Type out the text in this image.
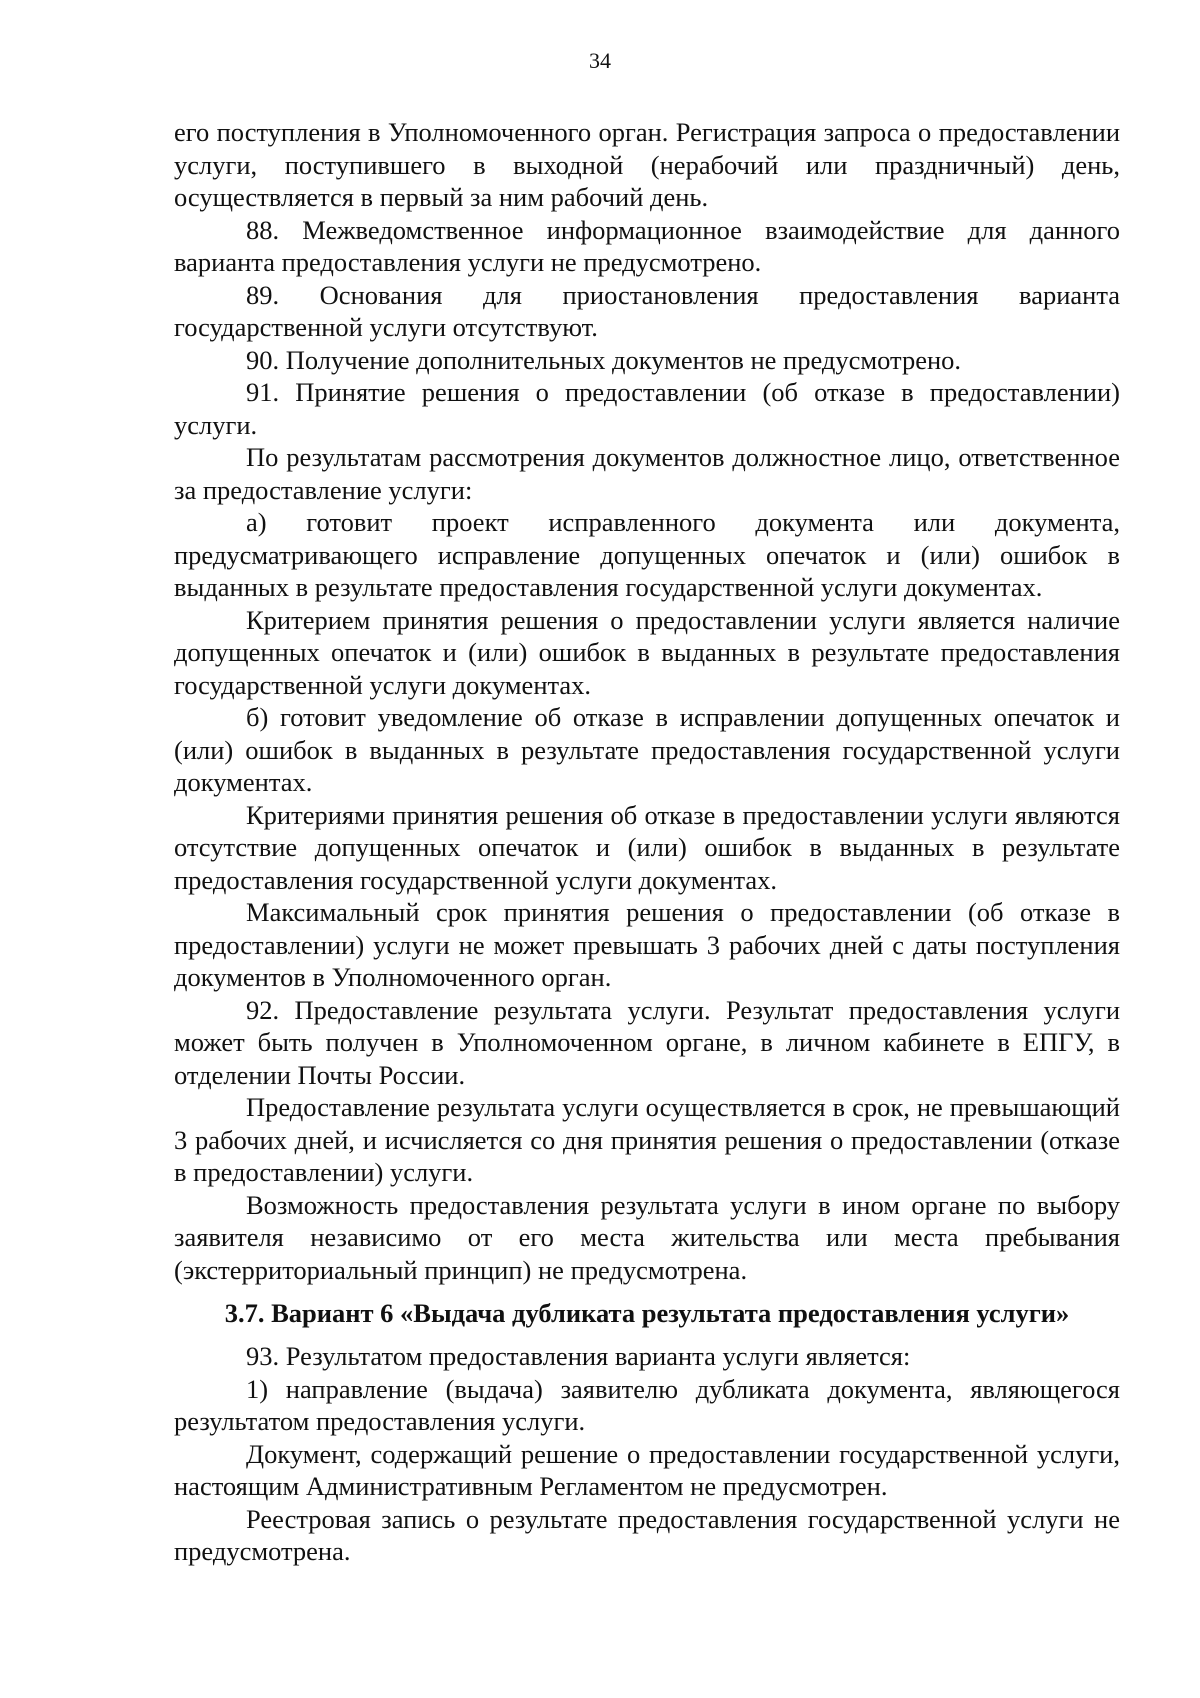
34

его поступления в Уполномоченного орган. Регистрация запроса о предоставлении услуги, поступившего в выходной (нерабочий или праздничный) день, осуществляется в первый за ним рабочий день.

88. Межведомственное информационное взаимодействие для данного варианта предоставления услуги не предусмотрено.

89. Основания для приостановления предоставления варианта государственной услуги отсутствуют.

90. Получение дополнительных документов не предусмотрено.

91. Принятие решения о предоставлении (об отказе в предоставлении) услуги.

По результатам рассмотрения документов должностное лицо, ответственное за предоставление услуги:

а) готовит проект исправленного документа или документа, предусматривающего исправление допущенных опечаток и (или) ошибок в выданных в результате предоставления государственной услуги документах.

Критерием принятия решения о предоставлении услуги является наличие допущенных опечаток и (или) ошибок в выданных в результате предоставления государственной услуги документах.

б) готовит уведомление об отказе в исправлении допущенных опечаток и (или) ошибок в выданных в результате предоставления государственной услуги документах.

Критериями принятия решения об отказе в предоставлении услуги являются отсутствие допущенных опечаток и (или) ошибок в выданных в результате предоставления государственной услуги документах.

Максимальный срок принятия решения о предоставлении (об отказе в предоставлении) услуги не может превышать 3 рабочих дней с даты поступления документов в Уполномоченного орган.

92. Предоставление результата услуги. Результат предоставления услуги может быть получен в Уполномоченном органе, в личном кабинете в ЕПГУ, в отделении Почты России.

Предоставление результата услуги осуществляется в срок, не превышающий 3 рабочих дней, и исчисляется со дня принятия решения о предоставлении (отказе в предоставлении) услуги.

Возможность предоставления результата услуги в ином органе по выбору заявителя независимо от его места жительства или места пребывания (экстерриториальный принцип) не предусмотрена.

3.7. Вариант 6 «Выдача дубликата результата предоставления услуги»

93. Результатом предоставления варианта услуги является:

1) направление (выдача) заявителю дубликата документа, являющегося результатом предоставления услуги.

Документ, содержащий решение о предоставлении государственной услуги, настоящим Административным Регламентом не предусмотрен.

Реестровая запись о результате предоставления государственной услуги не предусмотрена.
